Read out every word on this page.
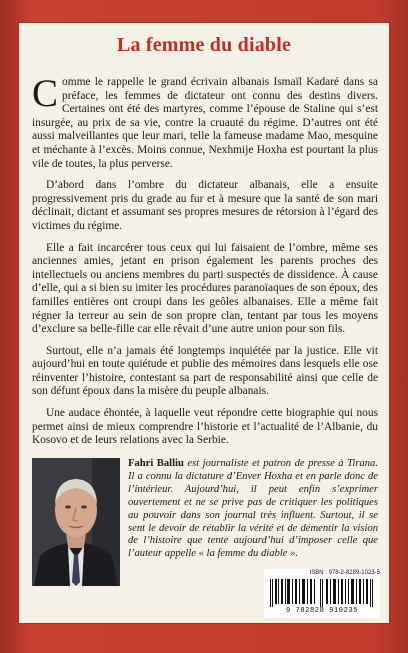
La femme du diable

Comme le rappelle le grand écrivain albanais Ismaïl Kadaré dans sa préface, les femmes de dictateur ont connu des destins divers. Certaines ont été des martyres, comme l’épouse de Staline qui s’est insurgée, au prix de sa vie, contre la cruauté du régime. D’autres ont été aussi malveillantes que leur mari, telle la fameuse madame Mao, mesquine et méchante à l’excès. Moins connue, Nexhmije Hoxha est pourtant la plus vile de toutes, la plus perverse.

D’abord dans l’ombre du dictateur albanais, elle a ensuite progressivement pris du grade au fur et à mesure que la santé de son mari déclinait, dictant et assumant ses propres mesures de rétorsion à l’égard des victimes du régime.

Elle a fait incarcérer tous ceux qui lui faisaient de l’ombre, même ses anciennes amies, jetant en prison également les parents proches des intellectuels ou anciens membres du parti suspectés de dissidence. À cause d’elle, qui a si bien su imiter les procédures paranoïaques de son époux, des familles entières ont croupi dans les geôles albanaises. Elle a même fait régner la terreur au sein de son propre clan, tentant par tous les moyens d’exclure sa belle-fille car elle rêvait d’une autre union pour son fils.

Surtout, elle n’a jamais été longtemps inquiétée par la justice. Elle vit aujourd’hui en toute quiétude et publie des mémoires dans lesquels elle ose réinventer l’histoire, contestant sa part de responsabilité ainsi que celle de son défunt époux dans la misère du peuple albanais.

Une audace éhontée, à laquelle veut répondre cette biographie qui nous permet ainsi de mieux comprendre l’historie et l’actualité de l’Albanie, du Kosovo et de leurs relations avec la Serbie.

Fahri Balliu est journaliste et patron de presse à Tirana. Il a connu la dictature d’Enver Hoxha et en parle donc de l’intérieur. Aujourd’hui, il peut enfin s’exprimer ouvertement et ne se prive pas de critiquer les politiques au pouvoir dans son journal très influent. Surtout, il se sent le devoir de rétablir la vérité et de démentir la vision de l’histoire que tente aujourd’hui d’imposer celle que l’auteur appelle « la femme du diable ».
ISBN : 978-2-8289-1023-5
9 782828 910235
